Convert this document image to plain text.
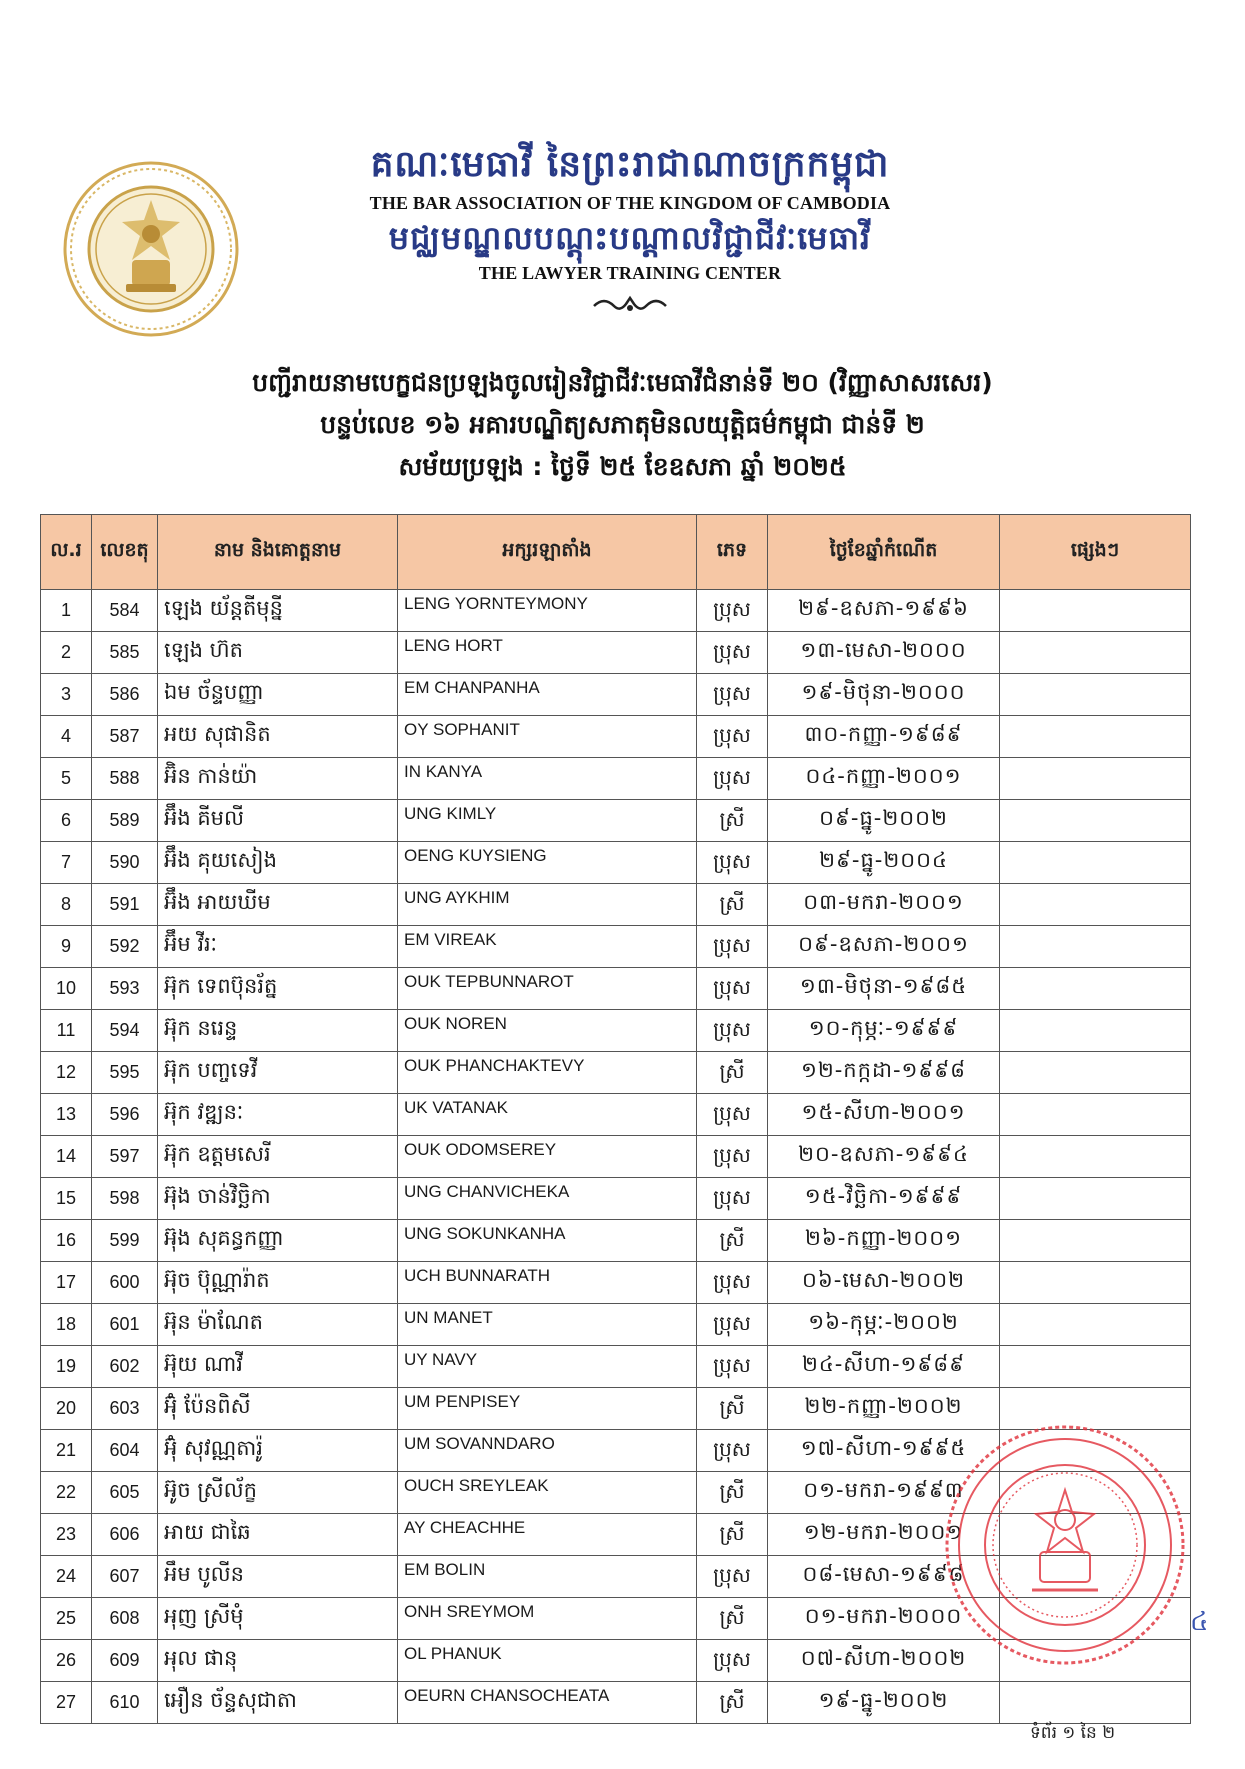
គណៈមេធាវី នៃព្រះរាជាណាចក្រកម្ពុជា
THE BAR ASSOCIATION OF THE KINGDOM OF CAMBODIA
មជ្ឈមណ្ឌលបណ្តុះបណ្តាលវិជ្ជាជីវៈមេធាវី
THE LAWYER TRAINING CENTER
បញ្ជីរាយនាមបេក្ខជនប្រឡងចូលរៀនវិជ្ជាជីវៈមេធាវីជំនាន់ទី ២០ (វិញ្ញាសាសរសេរ)
បន្ទប់លេខ ១៦ អគារបណ្ឌិត្យសភាតុមិនលយុត្តិធម៌កម្ពុជា ជាន់ទី ២
សម័យប្រឡង : ថ្ងៃទី ២៥ ខែឧសភា ឆ្នាំ ២០២៥
ល.រ	លេខតុ	នាម និងគោត្តនាម	អក្សរឡាតាំង	ភេទ	ថ្ងៃខែឆ្នាំកំណើត	ផ្សេងៗ
1	584	ឡេង យ័ន្តតីមុន្នី	LENG YORNTEYMONY	ប្រុស	២៩-ឧសភា-១៩៩៦	
2	585	ឡេង ហ៊ត	LENG HORT	ប្រុស	១៣-មេសា-២០០០	
3	586	ឯម ច័ន្ទបញ្ញា	EM CHANPANHA	ប្រុស	១៩-មិថុនា-២០០០	
4	587	អយ សុផានិត	OY SOPHANIT	ប្រុស	៣០-កញ្ញា-១៩៨៩	
5	588	អ៊ិន កាន់យ៉ា	IN KANYA	ប្រុស	០៤-កញ្ញា-២០០១	
6	589	អ៊ឹង គីមលី	UNG KIMLY	ស្រី	០៩-ធ្នូ-២០០២	
7	590	អ៊ឹង គុយសៀង	OENG KUYSIENG	ប្រុស	២៩-ធ្នូ-២០០៤	
8	591	អ៊ឹង អាយឃីម	UNG AYKHIM	ស្រី	០៣-មករា-២០០១	
9	592	អ៊ឹម វីរៈ	EM VIREAK	ប្រុស	០៩-ឧសភា-២០០១	
10	593	អ៊ុក ទេពប៊ុនរ័ត្ន	OUK TEPBUNNAROT	ប្រុស	១៣-មិថុនា-១៩៨៥	
11	594	អ៊ុក នរេន្ទ	OUK NOREN	ប្រុស	១០-កុម្ភៈ-១៩៩៩	
12	595	អ៊ុក បញ្ចទេវី	OUK PHANCHAKTEVY	ស្រី	១២-កក្កដា-១៩៩៨	
13	596	អ៊ុក វឌ្ឍនៈ	UK VATANAK	ប្រុស	១៥-សីហា-២០០១	
14	597	អ៊ុក ឧត្តមសេរី	OUK ODOMSEREY	ប្រុស	២០-ឧសភា-១៩៩៤	
15	598	អ៊ុង ចាន់វិច្ឆិកា	UNG CHANVICHEKA	ប្រុស	១៥-វិច្ឆិកា-១៩៩៩	
16	599	អ៊ុង សុគន្ធកញ្ញា	UNG SOKUNKANHA	ស្រី	២៦-កញ្ញា-២០០១	
17	600	អ៊ុច ប៊ុណ្ណារ៉ាត	UCH BUNNARATH	ប្រុស	០៦-មេសា-២០០២	
18	601	អ៊ុន ម៉ាណែត	UN MANET	ប្រុស	១៦-កុម្ភៈ-២០០២	
19	602	អ៊ុយ ណាវី	UY NAVY	ប្រុស	២៤-សីហា-១៩៨៩	
20	603	អ៊ុំ ប៉ែនពិសី	UM PENPISEY	ស្រី	២២-កញ្ញា-២០០២	
21	604	អ៊ុំ សុវណ្ណតារ៉ូ	UM SOVANNDARO	ប្រុស	១៧-សីហា-១៩៩៥	
22	605	អ៊ូច ស្រីល័ក្ខ	OUCH SREYLEAK	ស្រី	០១-មករា-១៩៩៣	
23	606	អាយ ជាឆៃ	AY CHEACHHE	ស្រី	១២-មករា-២០០១	
24	607	អឹម បូលីន	EM BOLIN	ប្រុស	០៨-មេសា-១៩៩៨	
25	608	អុញ ស្រីមុំ	ONH SREYMOM	ស្រី	០១-មករា-២០០០	
26	609	អុល ផានុ	OL PHANUK	ប្រុស	០៧-សីហា-២០០២	
27	610	អឿន ច័ន្ទសុជាតា	OEURN CHANSOCHEATA	ស្រី	១៩-ធ្នូ-២០០២	
៤
ទំព័រ ១ នៃ ២
